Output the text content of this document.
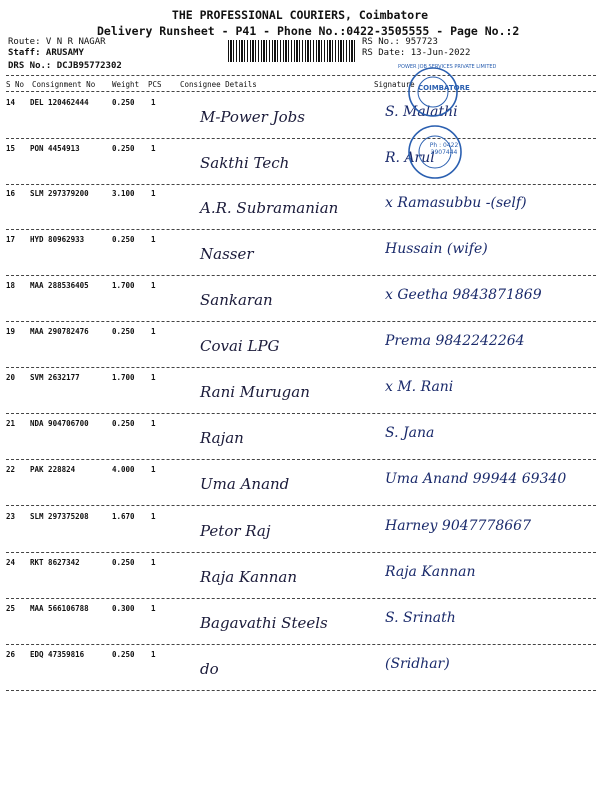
THE PROFESSIONAL COURIERS, Coimbatore
Delivery Runsheet - P41 - Phone No.:0422-3505555 - Page No.:2
Route: V N R NAGAR
Staff: ARUSAMY
DRS No.: DCJB95772302
RS No.: 957723
RS Date: 13-Jun-2022
S No Consignment No Weight PCS Consignee Details	Signature
14 DEL 120462444	0.250 1
M-Power Jobs	S. Malathi
15 PON 4454913	0.250 1
Sakthi Tech	R. Arul
16 SLM 297379200	3.100 1
A.R. Subramanian	x Ramasubbu -(self)
17 HYD 80962933	0.250 1
Nasser	Hussain (wife)
18 MAA 288536405	1.700 1
Sankaran	x Geetha 9843871869
19 MAA 290782476	0.250 1
Covai LPG	Prema 9842242264
20 SVM 2632177	1.700 1
Rani Murugan	x M. Rani
21 NDA 904706700	0.250 1
Rajan	S. Jana
22 PAK 228824	4.000 1
Uma Anand	Uma Anand 99944 69340
23 SLM 297375208	1.670 1
Petor Raj	Harney 9047778667
24 RKT 8627342	0.250 1
Raja Kannan	Raja Kannan
25 MAA 566106788	0.300 1
Bagavathi Steels	S. Srinath
26 EDQ 47359816	0.250 1
do	(Sridhar)
COIMBATORE
POWER JOB SERVICES PRIVATE LIMITED
Ph : 0422 2907444
